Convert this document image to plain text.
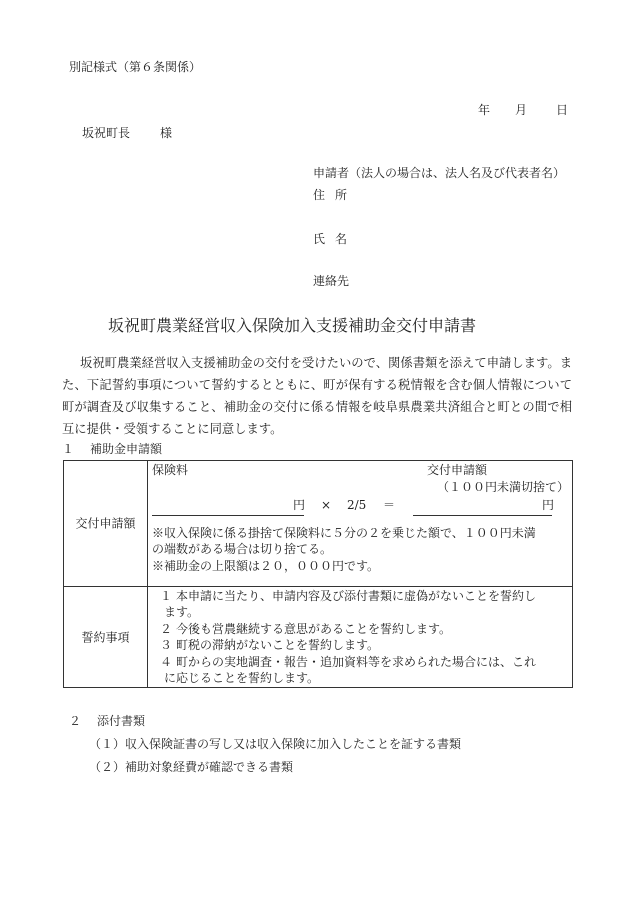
別記様式（第６条関係）
年 月 日
坂祝町長 様
申請者（法人の場合は、法人名及び代表者名）
住所
氏名
連絡先
坂祝町農業経営収入保険加入支援補助金交付申請書
坂祝町農業経営収入支援補助金の交付を受けたいので、関係書類を添えて申請します。また、下記誓約事項について誓約するとともに、町が保有する税情報を含む個人情報について町が調査及び収集すること、補助金の交付に係る情報を岐阜県農業共済組合と町との間で相互に提供・受領することに同意します。
１ 補助金申請額
交付申請額
保険料	交付申請額
（１００円未満切捨て）
円 × 2/5 ＝	円
※収入保険に係る掛捨て保険料に５分の２を乗じた額で、１００円未満
の端数がある場合は切り捨てる。
※補助金の上限額は２０，０００円です。
誓約事項
１ 本申請に当たり、申請内容及び添付書類に虚偽がないことを誓約し
ます。
２ 今後も営農継続する意思があることを誓約します。
３ 町税の滞納がないことを誓約します。
４ 町からの実地調査・報告・追加資料等を求められた場合には、これ
に応じることを誓約します。
２ 添付書類
（１）収入保険証書の写し又は収入保険に加入したことを証する書類
（２）補助対象経費が確認できる書類
